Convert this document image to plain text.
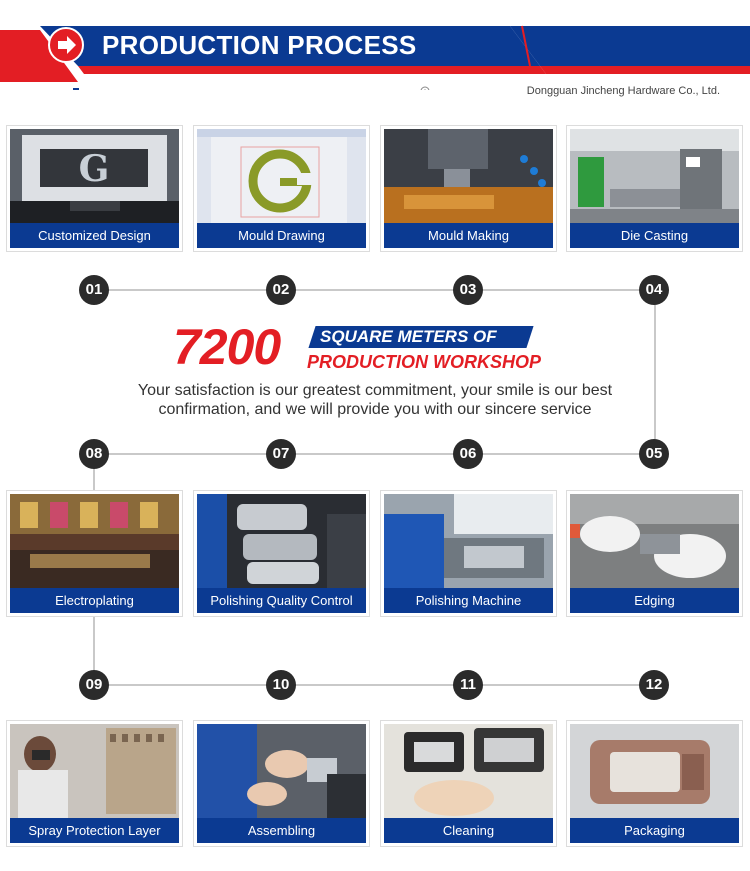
PRODUCTION PROCESS
Dongguan Jincheng Hardware Co., Ltd.
G
Customized Design	Mould Drawing	Mould Making	Die Casting
01	02	03	04
7200 SQUARE METERS OF
PRODUCTION WORKSHOP
Your satisfaction is our greatest commitment, your smile is our best confirmation, and we will provide you with our sincere service
08	07	06	05
Electroplating	Polishing Quality Control	Polishing Machine	Edging
09	10	11	12
Spray Protection Layer	Assembling	Cleaning	Packaging
